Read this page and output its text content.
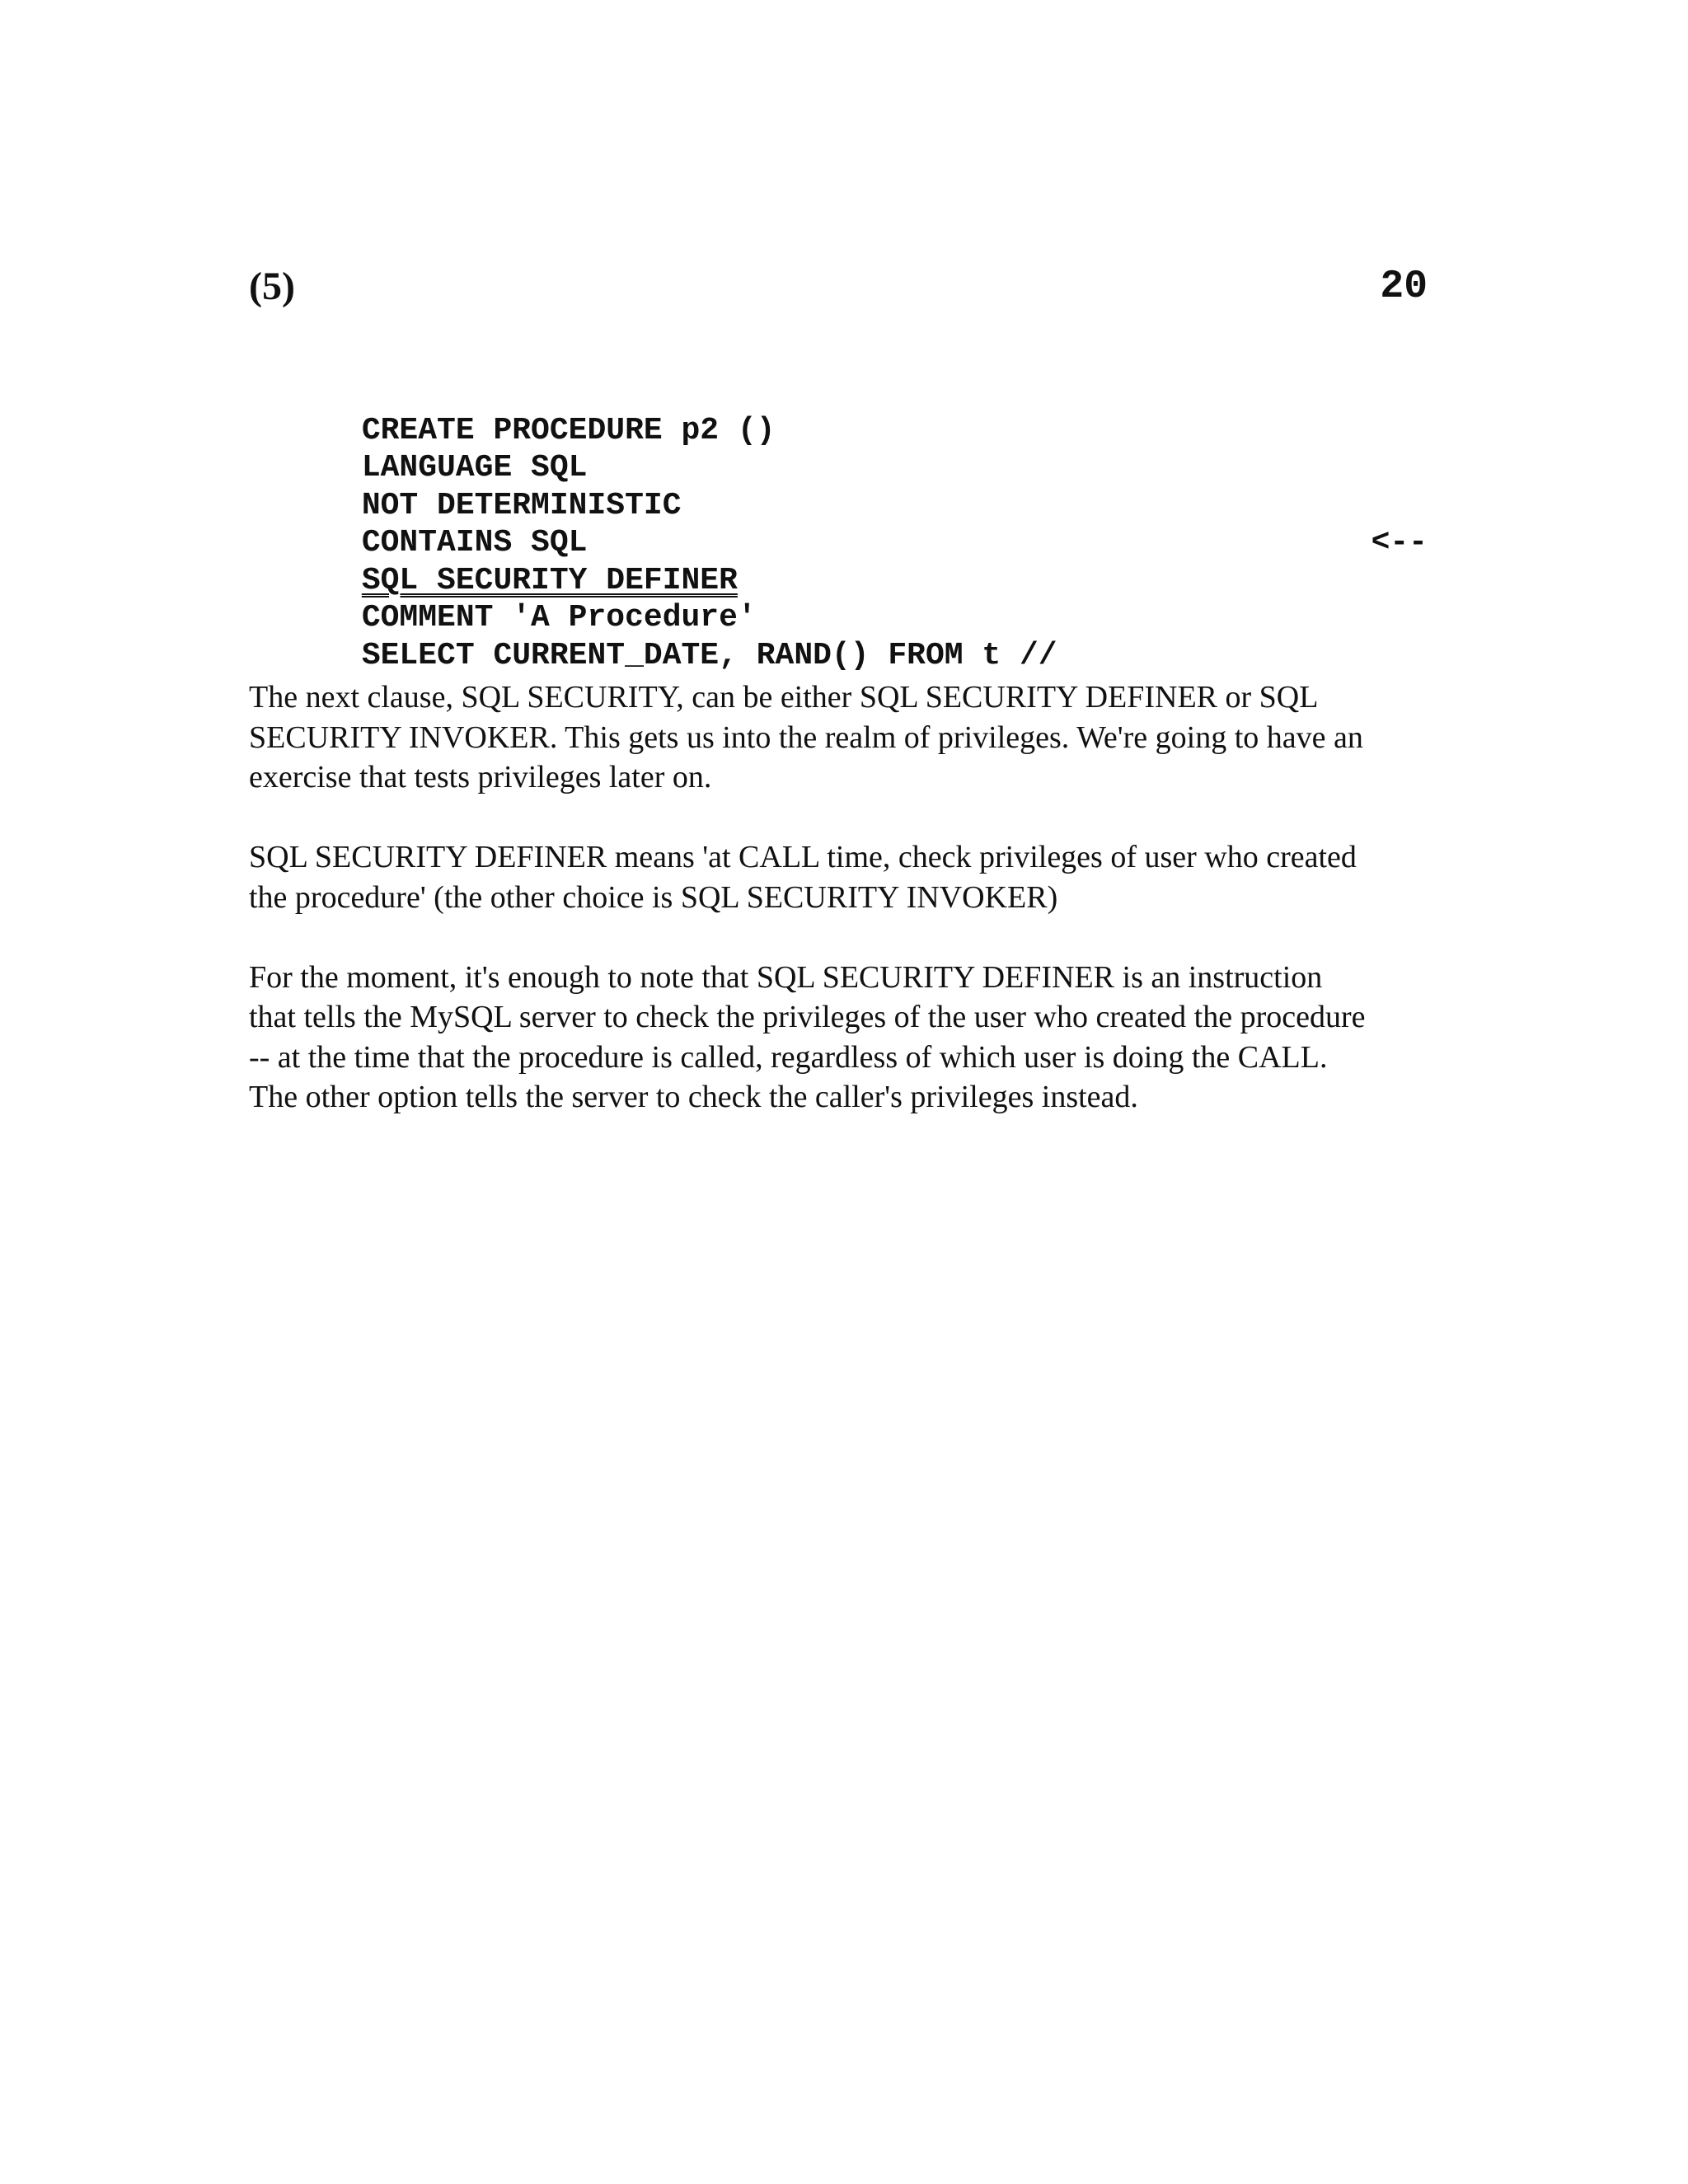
(5)	20

CREATE PROCEDURE p2 ()

LANGUAGE SQL

NOT DETERMINISTIC

CONTAINS SQL

SQL SECURITY DEFINER

<--

COMMENT 'A Procedure'

SELECT CURRENT_DATE, RAND() FROM t //

The next clause, SQL SECURITY, can be either SQL SECURITY DEFINER or SQL
SECURITY INVOKER. This gets us into the realm of privileges. We're going to have an
exercise that tests privileges later on.

SQL SECURITY DEFINER means 'at CALL time, check privileges of user who created
the procedure' (the other choice is SQL SECURITY INVOKER)

For the moment, it's enough to note that SQL SECURITY DEFINER is an instruction
that tells the MySQL server to check the privileges of the user who created the procedure
-- at the time that the procedure is called, regardless of which user is doing the CALL.
The other option tells the server to check the caller's privileges instead.
